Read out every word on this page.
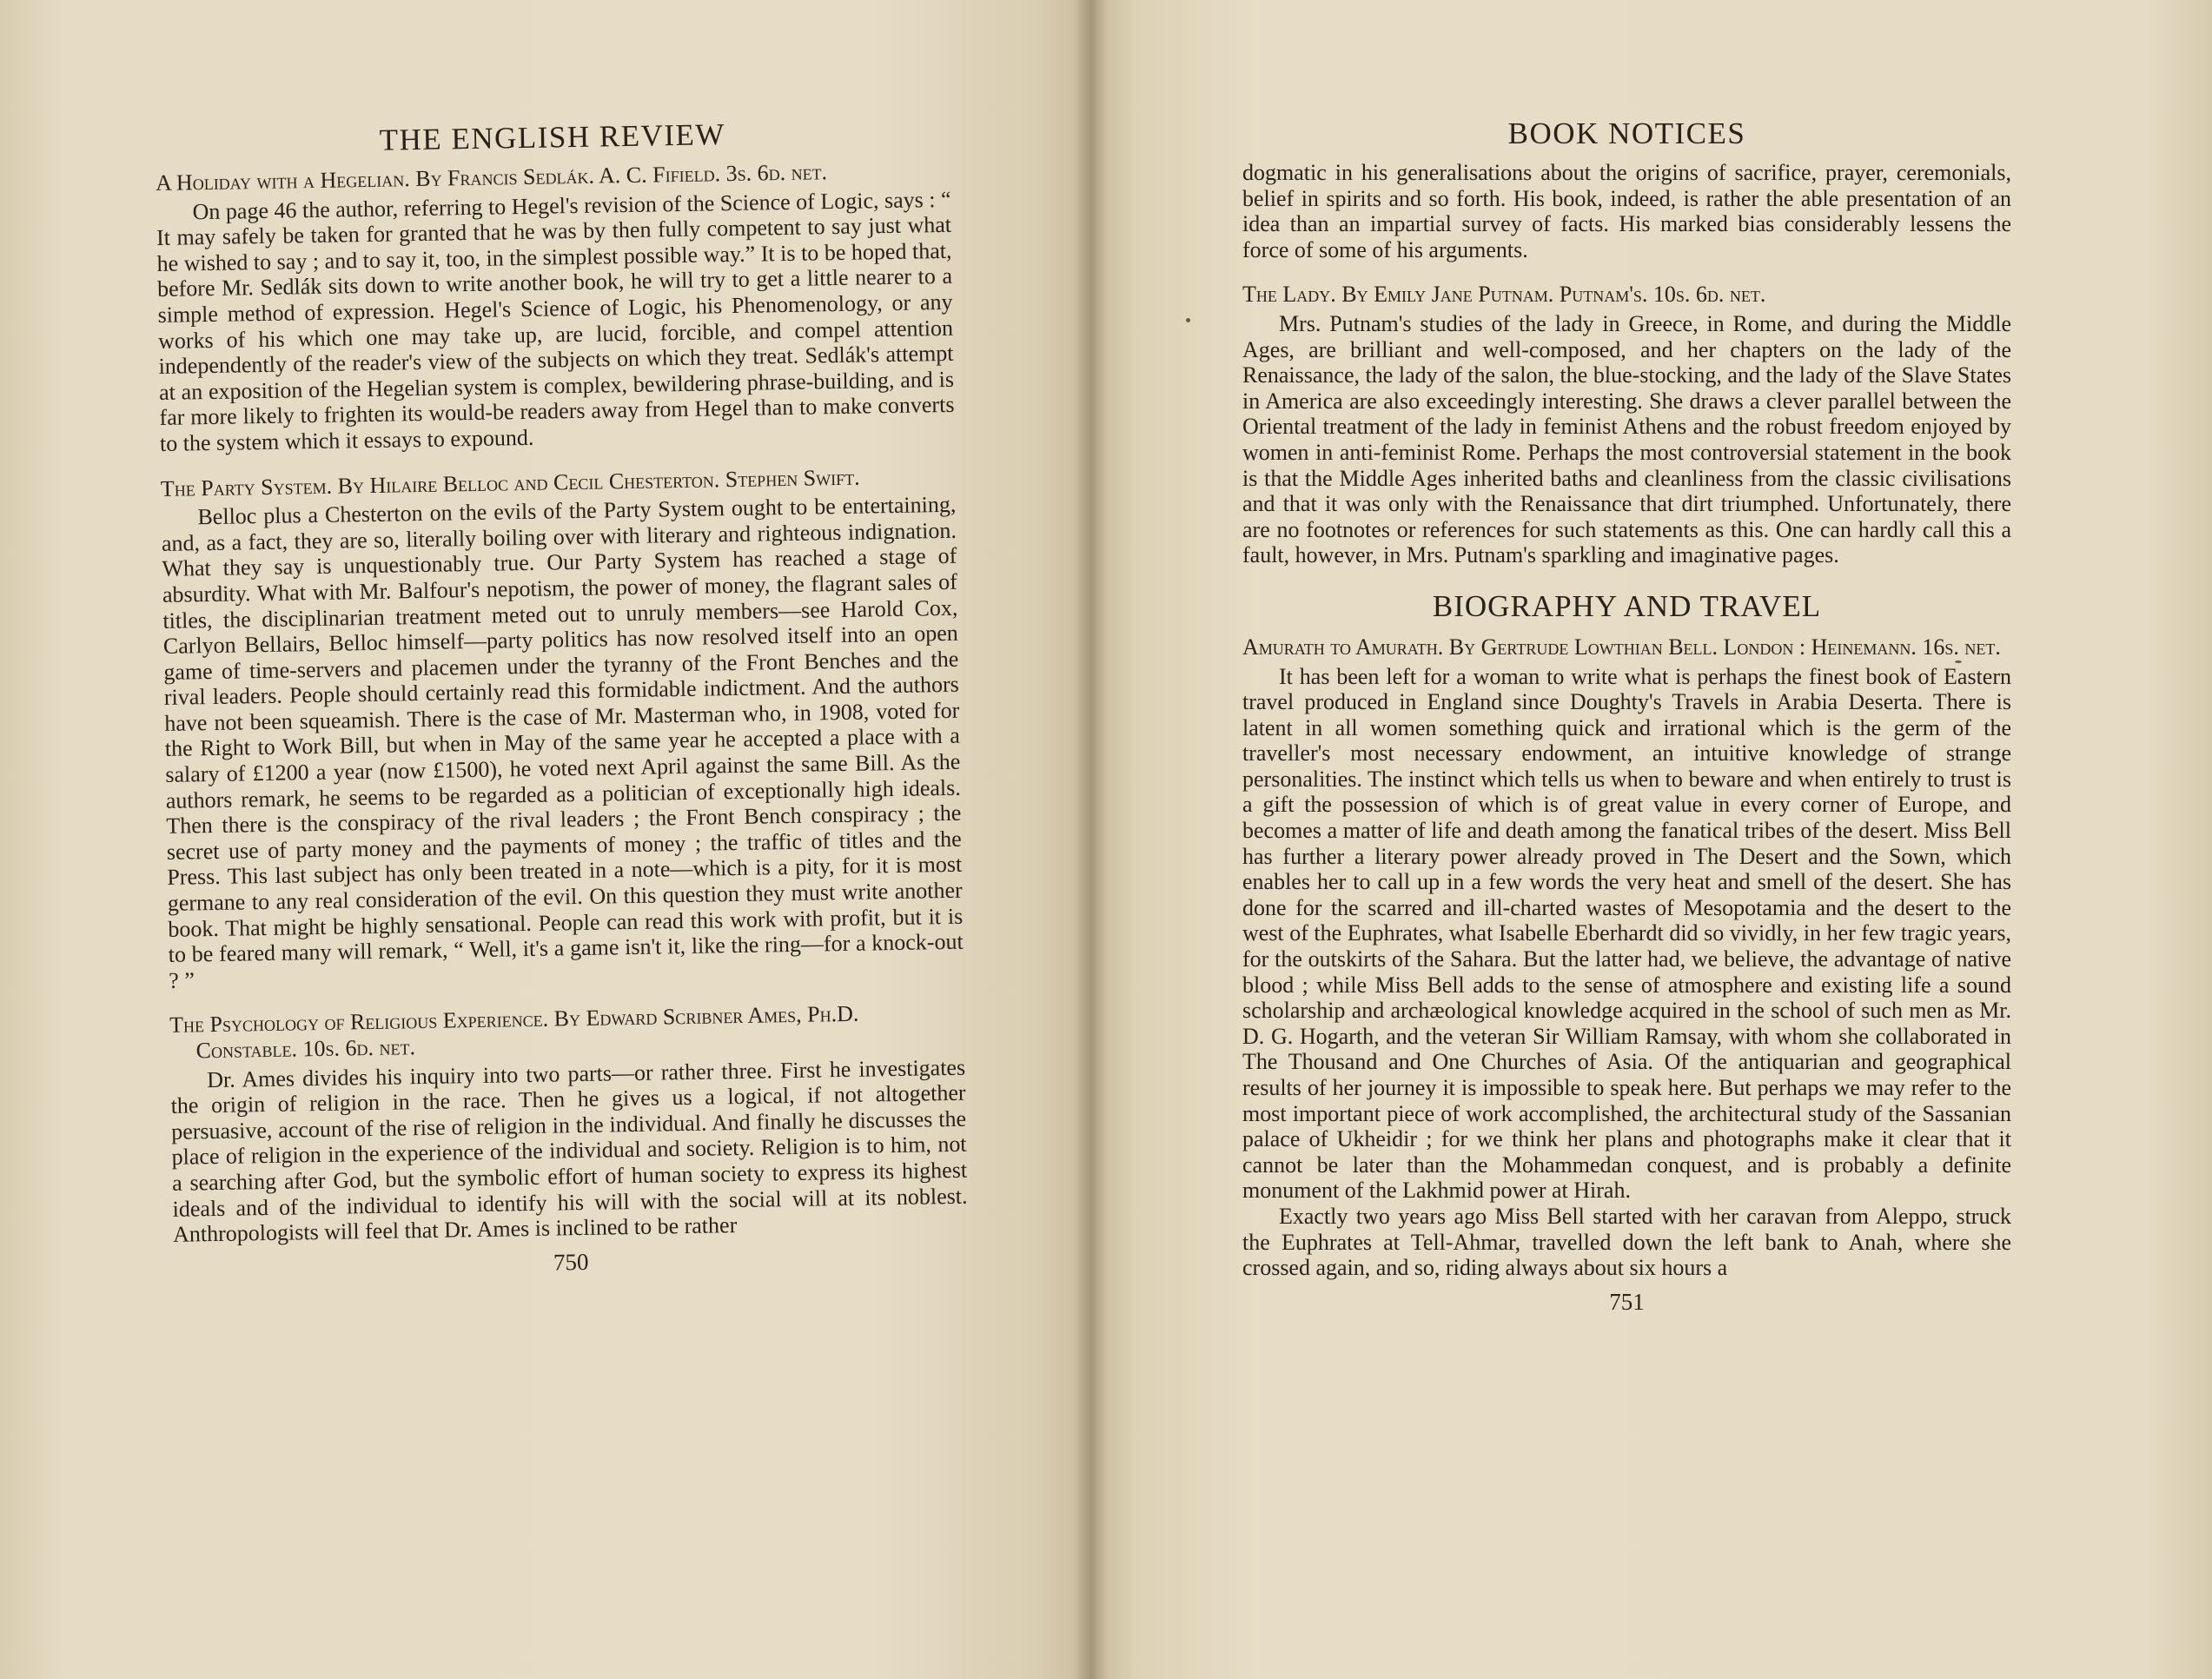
THE ENGLISH REVIEW
A Holiday with a Hegelian. By Francis Sedlák. A. C. Fifield. 3s. 6d. net.

On page 46 the author, referring to Hegel's revision of the Science of Logic, says : “ It may safely be taken for granted that he was by then fully competent to say just what he wished to say ; and to say it, too, in the simplest possible way.” It is to be hoped that, before Mr. Sedlák sits down to write another book, he will try to get a little nearer to a simple method of expression. Hegel's Science of Logic, his Phenomenology, or any works of his which one may take up, are lucid, forcible, and compel attention independently of the reader's view of the subjects on which they treat. Sedlák's attempt at an exposition of the Hegelian system is complex, bewildering phrase-building, and is far more likely to frighten its would-be readers away from Hegel than to make converts to the system which it essays to expound.

The Party System. By Hilaire Belloc and Cecil Chesterton. Stephen Swift.

Belloc plus a Chesterton on the evils of the Party System ought to be entertaining, and, as a fact, they are so, literally boiling over with literary and righteous indignation. What they say is unquestionably true. Our Party System has reached a stage of absurdity. What with Mr. Balfour's nepotism, the power of money, the flagrant sales of titles, the disciplinarian treatment meted out to unruly members—see Harold Cox, Carlyon Bellairs, Belloc himself—party politics has now resolved itself into an open game of time-servers and placemen under the tyranny of the Front Benches and the rival leaders. People should certainly read this formidable indictment. And the authors have not been squeamish. There is the case of Mr. Masterman who, in 1908, voted for the Right to Work Bill, but when in May of the same year he accepted a place with a salary of £1200 a year (now £1500), he voted next April against the same Bill. As the authors remark, he seems to be regarded as a politician of exceptionally high ideals. Then there is the conspiracy of the rival leaders ; the Front Bench conspiracy ; the secret use of party money and the payments of money ; the traffic of titles and the Press. This last subject has only been treated in a note—which is a pity, for it is most germane to any real consideration of the evil. On this question they must write another book. That might be highly sensational. People can read this work with profit, but it is to be feared many will remark, “ Well, it's a game isn't it, like the ring—for a knock-out ? ”

The Psychology of Religious Experience. By Edward Scribner Ames, Ph.D. Constable. 10s. 6d. net.

Dr. Ames divides his inquiry into two parts—or rather three. First he investigates the origin of religion in the race. Then he gives us a logical, if not altogether persuasive, account of the rise of religion in the individual. And finally he discusses the place of religion in the experience of the individual and society. Religion is to him, not a searching after God, but the symbolic effort of human society to express its highest ideals and of the individual to identify his will with the social will at its noblest. Anthropologists will feel that Dr. Ames is inclined to be rather

750
BOOK NOTICES

dogmatic in his generalisations about the origins of sacrifice, prayer, ceremonials, belief in spirits and so forth. His book, indeed, is rather the able presentation of an idea than an impartial survey of facts. His marked bias considerably lessens the force of some of his arguments.

The Lady. By Emily Jane Putnam. Putnam's. 10s. 6d. net.

Mrs. Putnam's studies of the lady in Greece, in Rome, and during the Middle Ages, are brilliant and well-composed, and her chapters on the lady of the Renaissance, the lady of the salon, the blue-stocking, and the lady of the Slave States in America are also exceedingly interesting. She draws a clever parallel between the Oriental treatment of the lady in feminist Athens and the robust freedom enjoyed by women in anti-feminist Rome. Perhaps the most controversial statement in the book is that the Middle Ages inherited baths and cleanliness from the classic civilisations and that it was only with the Renaissance that dirt triumphed. Unfortunately, there are no footnotes or references for such statements as this. One can hardly call this a fault, however, in Mrs. Putnam's sparkling and imaginative pages.

BIOGRAPHY AND TRAVEL
Amurath to Amurath. By Gertrude Lowthian Bell. London : Heinemann. 16s. net.

It has been left for a woman to write what is perhaps the finest book of Eastern travel produced in England since Doughty's Travels in Arabia Deserta. There is latent in all women something quick and irrational which is the germ of the traveller's most necessary endowment, an intuitive knowledge of strange personalities. The instinct which tells us when to beware and when entirely to trust is a gift the possession of which is of great value in every corner of Europe, and becomes a matter of life and death among the fanatical tribes of the desert. Miss Bell has further a literary power already proved in The Desert and the Sown, which enables her to call up in a few words the very heat and smell of the desert. She has done for the scarred and ill-charted wastes of Mesopotamia and the desert to the west of the Euphrates, what Isabelle Eberhardt did so vividly, in her few tragic years, for the outskirts of the Sahara. But the latter had, we believe, the advantage of native blood ; while Miss Bell adds to the sense of atmosphere and existing life a sound scholarship and archæological knowledge acquired in the school of such men as Mr. D. G. Hogarth, and the veteran Sir William Ramsay, with whom she collaborated in The Thousand and One Churches of Asia. Of the antiquarian and geographical results of her journey it is impossible to speak here. But perhaps we may refer to the most important piece of work accomplished, the architectural study of the Sassanian palace of Ukheidir ; for we think her plans and photographs make it clear that it cannot be later than the Mohammedan conquest, and is probably a definite monument of the Lakhmid power at Hirah.

Exactly two years ago Miss Bell started with her caravan from Aleppo, struck the Euphrates at Tell-Ahmar, travelled down the left bank to Anah, where she crossed again, and so, riding always about six hours a

751
